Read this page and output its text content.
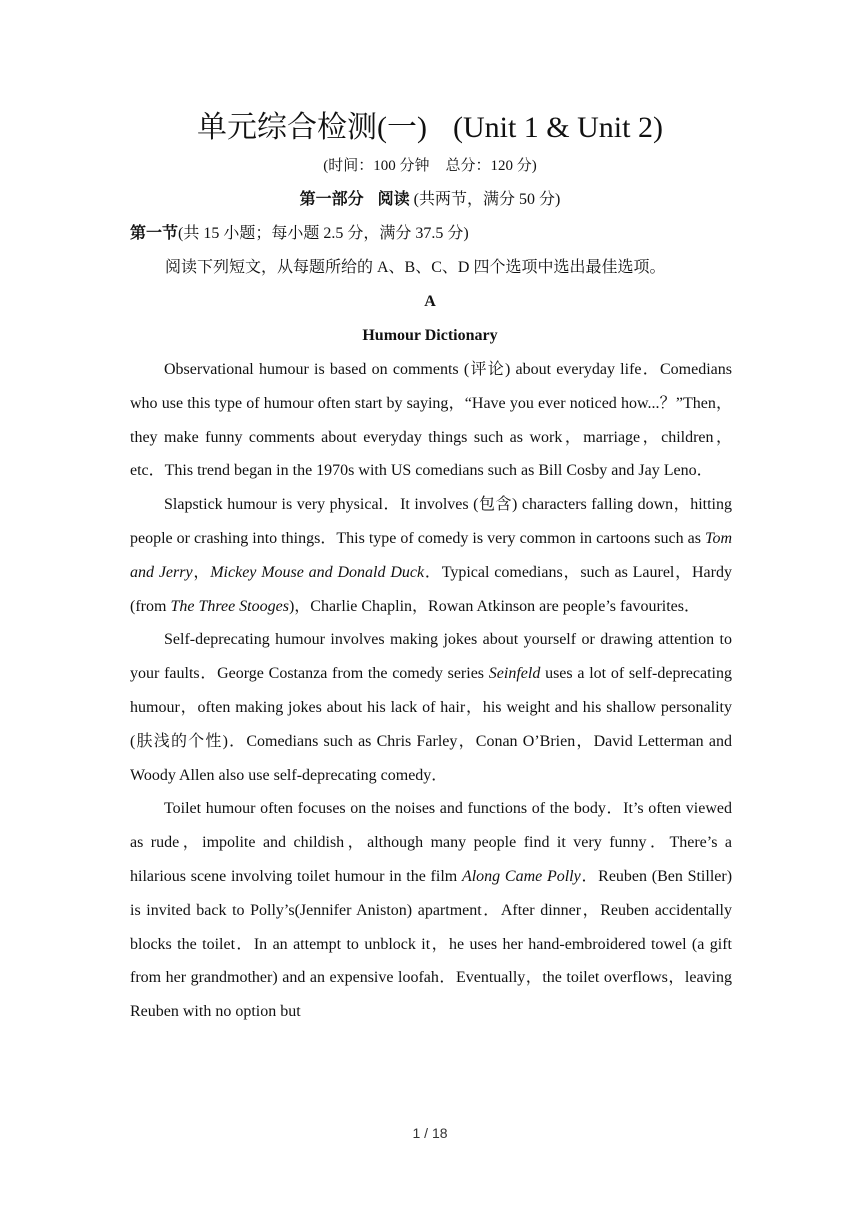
单元综合检测(一) (Unit 1 & Unit 2)
(时间：100 分钟 总分：120 分)
第一部分 阅读 (共两节，满分 50 分)
第一节(共 15 小题；每小题 2.5 分，满分 37.5 分)
阅读下列短文，从每题所给的 A、B、C、D 四个选项中选出最佳选项。
A
Humour Dictionary

Observational humour is based on comments (评论) about everyday life．Comedians who use this type of humour often start by saying，“Have you ever noticed how...？”Then，they make funny comments about everyday things such as work，marriage，children，etc．This trend began in the 1970s with US comedians such as Bill Cosby and Jay Leno．

Slapstick humour is very physical．It involves (包含) characters falling down，hitting people or crashing into things．This type of comedy is very common in cartoons such as Tom and Jerry，Mickey Mouse and Donald Duck．Typical comedians，such as Laurel，Hardy (from The Three Stooges)，Charlie Chaplin，Rowan Atkinson are people’s favourites．

Self-deprecating humour involves making jokes about yourself or drawing attention to your faults．George Costanza from the comedy series Seinfeld uses a lot of self-deprecating humour，often making jokes about his lack of hair，his weight and his shallow personality (肤浅的个性)．Comedians such as Chris Farley，Conan O’Brien，David Letterman and Woody Allen also use self-deprecating comedy．

Toilet humour often focuses on the noises and functions of the body．It’s often viewed as rude，impolite and childish，although many people find it very funny．There’s a hilarious scene involving toilet humour in the film Along Came Polly．Reuben (Ben Stiller) is invited back to Polly’s(Jennifer Aniston) apartment．After dinner，Reuben accidentally blocks the toilet．In an attempt to unblock it，he uses her hand-embroidered towel (a gift from her grandmother) and an expensive loofah．Eventually，the toilet overflows，leaving Reuben with no option but

1 / 18
